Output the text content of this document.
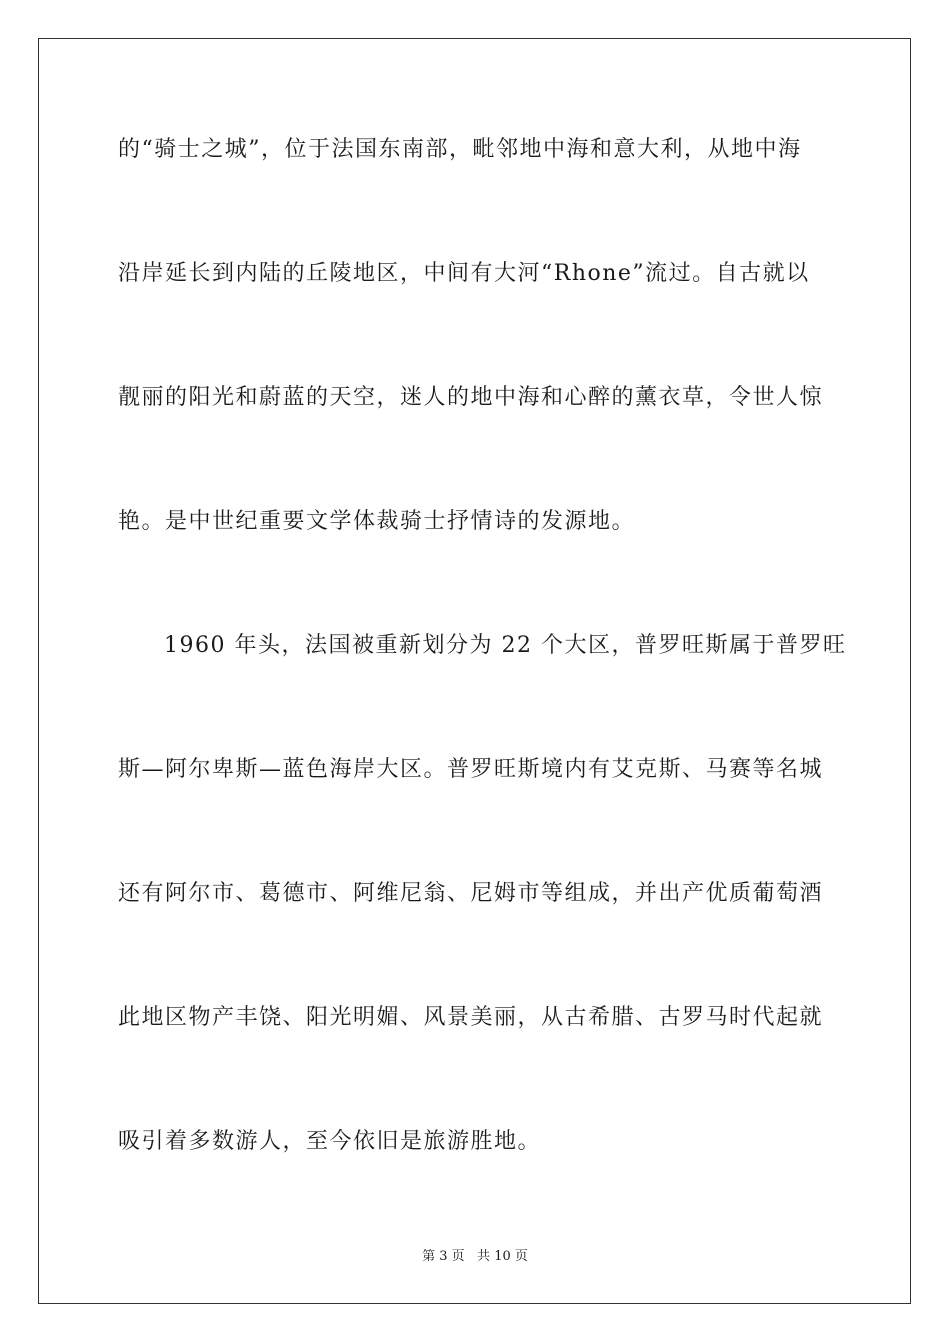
的“骑士之城”，位于法国东南部，毗邻地中海和意大利，从地中海
沿岸延长到内陆的丘陵地区，中间有大河“Rhone”流过。自古就以
靓丽的阳光和蔚蓝的天空，迷人的地中海和心醉的薰衣草，令世人惊
艳。是中世纪重要文学体裁骑士抒情诗的发源地。
1960 年头，法国被重新划分为 22 个大区，普罗旺斯属于普罗旺
斯—阿尔卑斯—蓝色海岸大区。普罗旺斯境内有艾克斯、马赛等名城
还有阿尔市、葛德市、阿维尼翁、尼姆市等组成，并出产优质葡萄酒
此地区物产丰饶、阳光明媚、风景美丽，从古希腊、古罗马时代起就
吸引着多数游人，至今依旧是旅游胜地。
第 3 页   共 10 页
